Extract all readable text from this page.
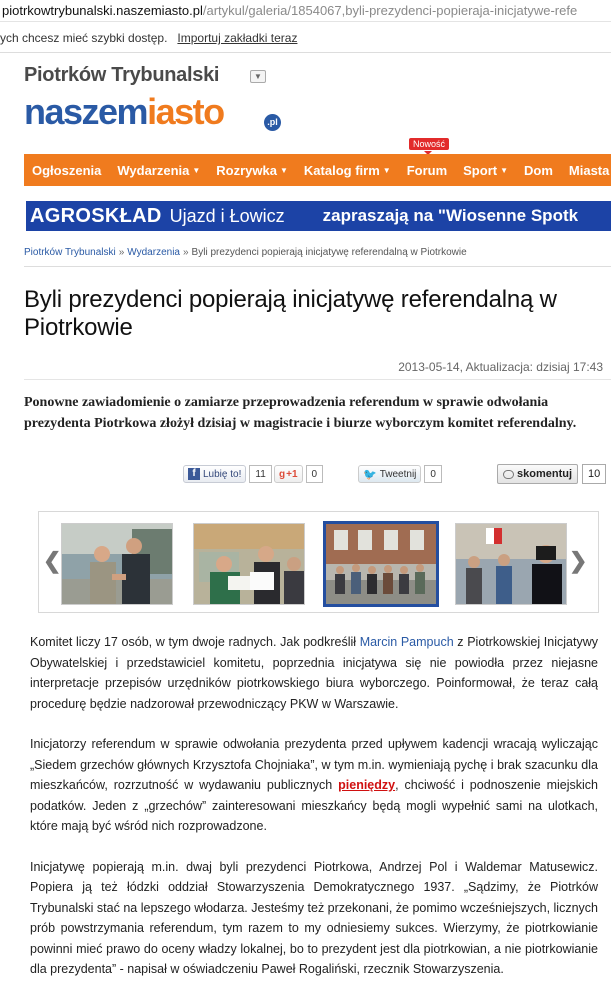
piotrkowtrybunalski.naszemiasto.pl/artykul/galeria/1854067,byli-prezydenci-popieraja-inicjatywe-refe
ych chcesz mieć szybki dostęp. Importuj zakładki teraz
Piotrków Trybunalski	▼
naszemiasto	.pl
Nowość
Ogłoszenia Wydarzenia ▼ Rozrywka ▼ Katalog firm ▼ Forum Sport ▼ Dom Miasta
AGROSKŁAD Ujazd i Łowicz zapraszają na "Wiosenne Spotk
Piotrków Trybunalski » Wydarzenia » Byli prezydenci popierają inicjatywę referendalną w Piotrkowie
Byli prezydenci popierają inicjatywę referendalną w Piotrkowie
2013-05-14, Aktualizacja: dzisiaj 17:43
Ponowne zawiadomienie o zamiarze przeprowadzenia referendum w sprawie odwołania prezydenta Piotrkowa złożył dzisiaj w magistracie i biurze wyborczym komitet referendalny.
f Lubię to!	11	g +1	0	🐦 Tweetnij	0	skomentuj	10
❮	❯

Komitet liczy 17 osób, w tym dwoje radnych. Jak podkreślił Marcin Pampuch z Piotrkowskiej Inicjatywy Obywatelskiej i przedstawiciel komitetu, poprzednia inicjatywa się nie powiodła przez niejasne interpretacje przepisów urzędników piotrkowskiego biura wyborczego. Poinformował, że teraz całą procedurę będzie nadzorował przewodniczący PKW w Warszawie.

Inicjatorzy referendum w sprawie odwołania prezydenta przed upływem kadencji wracają wyliczając „Siedem grzechów głównych Krzysztofa Chojniaka”, w tym m.in. wymieniają pychę i brak szacunku dla mieszkańców, rozrzutność w wydawaniu publicznych pieniędzy, chciwość i podnoszenie miejskich podatków. Jeden z „grzechów” zainteresowani mieszkańcy będą mogli wypełnić sami na ulotkach, które mają być wśród nich rozprowadzone.

Inicjatywę popierają m.in. dwaj byli prezydenci Piotrkowa, Andrzej Pol i Waldemar Matusewicz. Popiera ją też łódzki oddział Stowarzyszenia Demokratycznego 1937. „Sądzimy, że Piotrków Trybunalski stać na lepszego włodarza. Jesteśmy też przekonani, że pomimo wcześniejszych, licznych prób powstrzymania referendum, tym razem to my odniesiemy sukces. Wierzymy, że piotrkowianie powinni mieć prawo do oceny władzy lokalnej, bo to prezydent jest dla piotrkowian, a nie piotrkowianie dla prezydenta” - napisał w oświadczeniu Paweł Rogaliński, rzecznik Stowarzyszenia.
